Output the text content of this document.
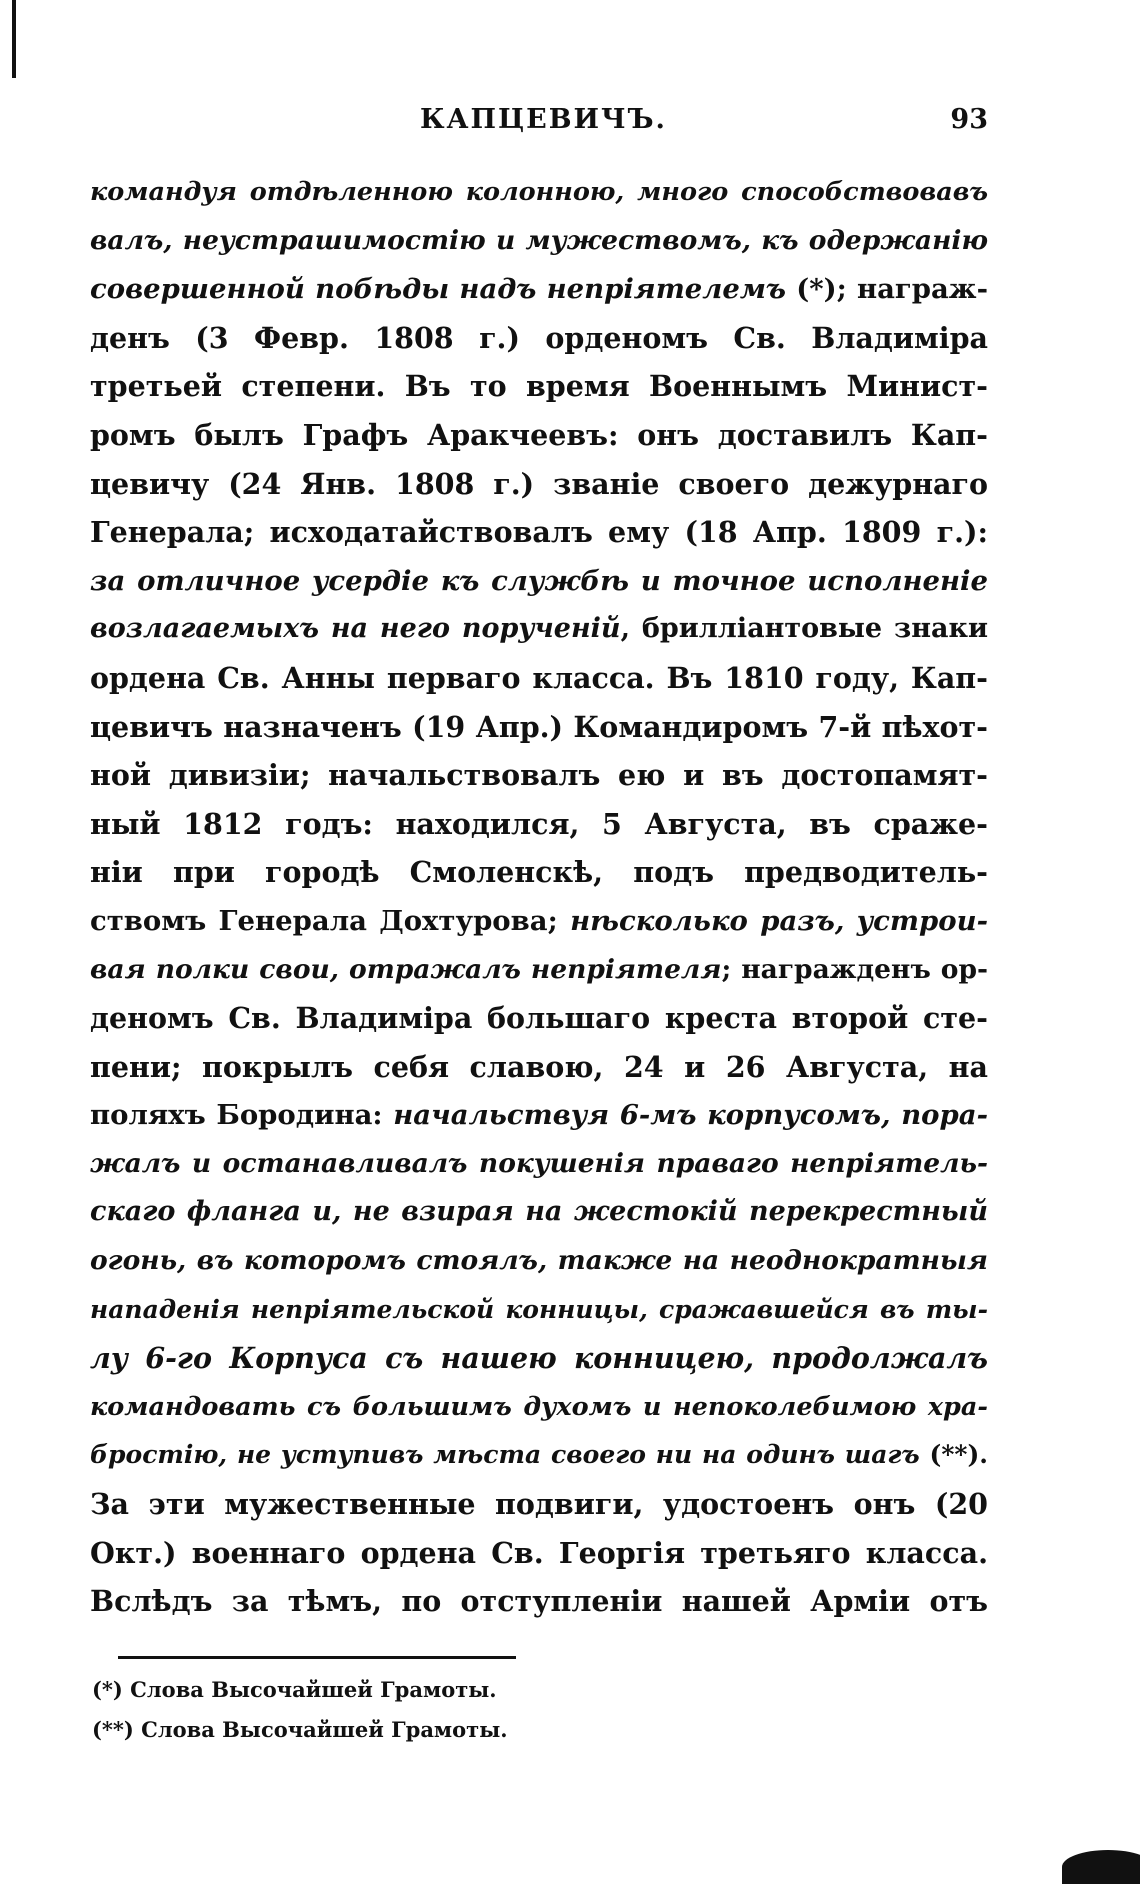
КАПЦЕВИЧЪ.	93
командуя отдѣленною колонною, много способствовавъ
валъ, неустрашимостію и мужествомъ, къ одержанію
совершенной побѣды надъ непріятелемъ (*); награж-
денъ (3 Февр. 1808 г.) орденомъ Св. Владиміра
третьей степени. Въ то время Военнымъ Минист-
ромъ былъ Графъ Аракчеевъ: онъ доставилъ Кап-
цевичу (24 Янв. 1808 г.) званіе своего дежурнаго
Генерала; исходатайствовалъ ему (18 Апр. 1809 г.):
за отличное усердіе къ службѣ и точное исполненіе
возлагаемыхъ на него порученій, бриллiантовые знаки
ордена Св. Анны перваго класса. Въ 1810 году, Кап-
цевичъ назначенъ (19 Апр.) Командиромъ 7-й пѣхот-
ной дивизіи; начальствовалъ ею и въ достопамят-
ный 1812 годъ: находился, 5 Августа, въ сраже-
ніи при городѣ Смоленскѣ, подъ предводитель-
ствомъ Генерала Дохтурова; нѣсколько разъ, устрои-
вая полки свои, отражалъ непріятеля; награжденъ ор-
деномъ Св. Владиміра большаго креста второй сте-
пени; покрылъ себя славою, 24 и 26 Августа, на
поляхъ Бородина: начальствуя 6-мъ корпусомъ, пора-
жалъ и останавливалъ покушенія праваго непріятель-
скаго фланга и, не взирая на жестокій перекрестный
огонь, въ которомъ стоялъ, также на неоднократныя
нападенія непріятельской конницы, сражавшейся въ ты-
лу 6-го Корпуса съ нашею конницею, продолжалъ
командовать съ большимъ духомъ и непоколебимою хра-
бростію, не уступивъ мѣста своего ни на одинъ шагъ (**).
За эти мужественные подвиги, удостоенъ онъ (20
Окт.) военнаго ордена Св. Георгія третьяго класса.
Вслѣдъ за тѣмъ, по отступленіи нашей Арміи отъ
(*) Слова Высочайшей Грамоты.
(**) Слова Высочайшей Грамоты.
